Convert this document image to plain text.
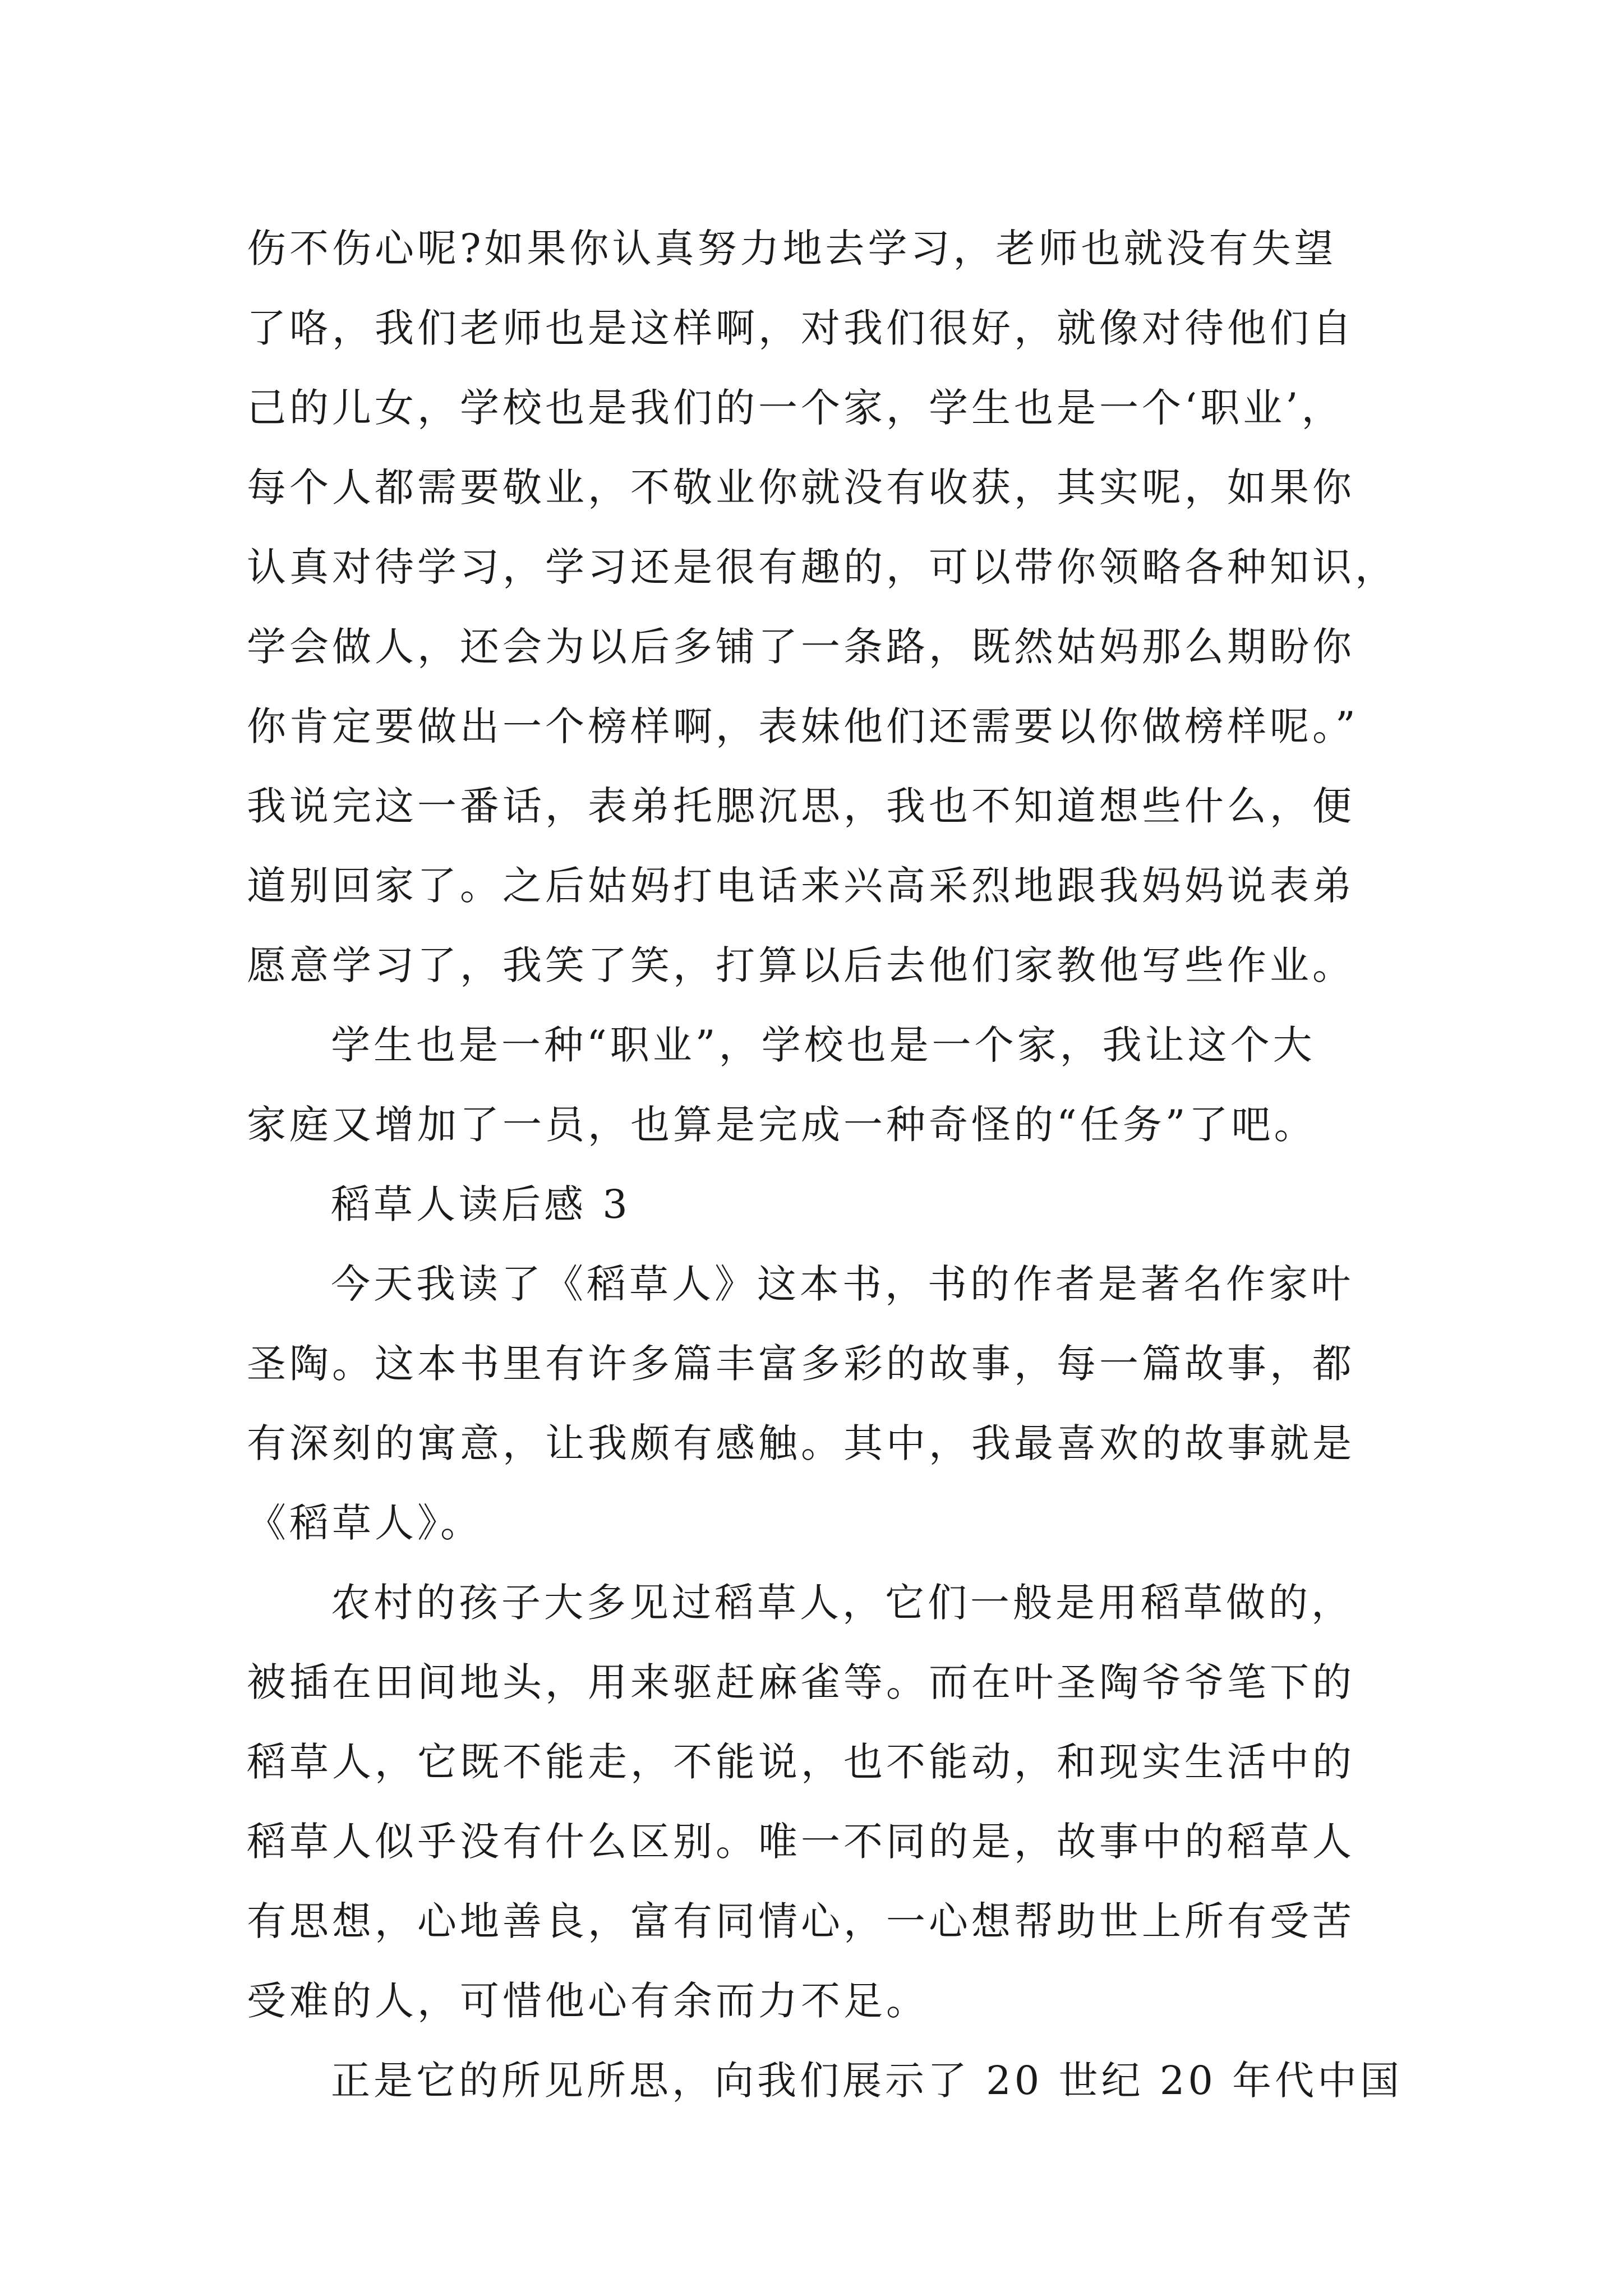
伤不伤心呢?如果你认真努力地去学习，老师也就没有失望
了咯，我们老师也是这样啊，对我们很好，就像对待他们自
己的儿女，学校也是我们的一个家，学生也是一个‘职业’，
每个人都需要敬业，不敬业你就没有收获，其实呢，如果你
认真对待学习，学习还是很有趣的，可以带你领略各种知识，
学会做人，还会为以后多铺了一条路，既然姑妈那么期盼你
你肯定要做出一个榜样啊，表妹他们还需要以你做榜样呢。”
我说完这一番话，表弟托腮沉思，我也不知道想些什么，便
道别回家了。之后姑妈打电话来兴高采烈地跟我妈妈说表弟
愿意学习了，我笑了笑，打算以后去他们家教他写些作业。
学生也是一种“职业”，学校也是一个家，我让这个大
家庭又增加了一员，也算是完成一种奇怪的“任务”了吧。
稻草人读后感 3
今天我读了《稻草人》这本书，书的作者是著名作家叶
圣陶。这本书里有许多篇丰富多彩的故事，每一篇故事，都
有深刻的寓意，让我颇有感触。其中，我最喜欢的故事就是
《稻草人》。
农村的孩子大多见过稻草人，它们一般是用稻草做的，
被插在田间地头，用来驱赶麻雀等。而在叶圣陶爷爷笔下的
稻草人，它既不能走，不能说，也不能动，和现实生活中的
稻草人似乎没有什么区别。唯一不同的是，故事中的稻草人
有思想，心地善良，富有同情心，一心想帮助世上所有受苦
受难的人，可惜他心有余而力不足。
正是它的所见所思，向我们展示了 20 世纪 20 年代中国
